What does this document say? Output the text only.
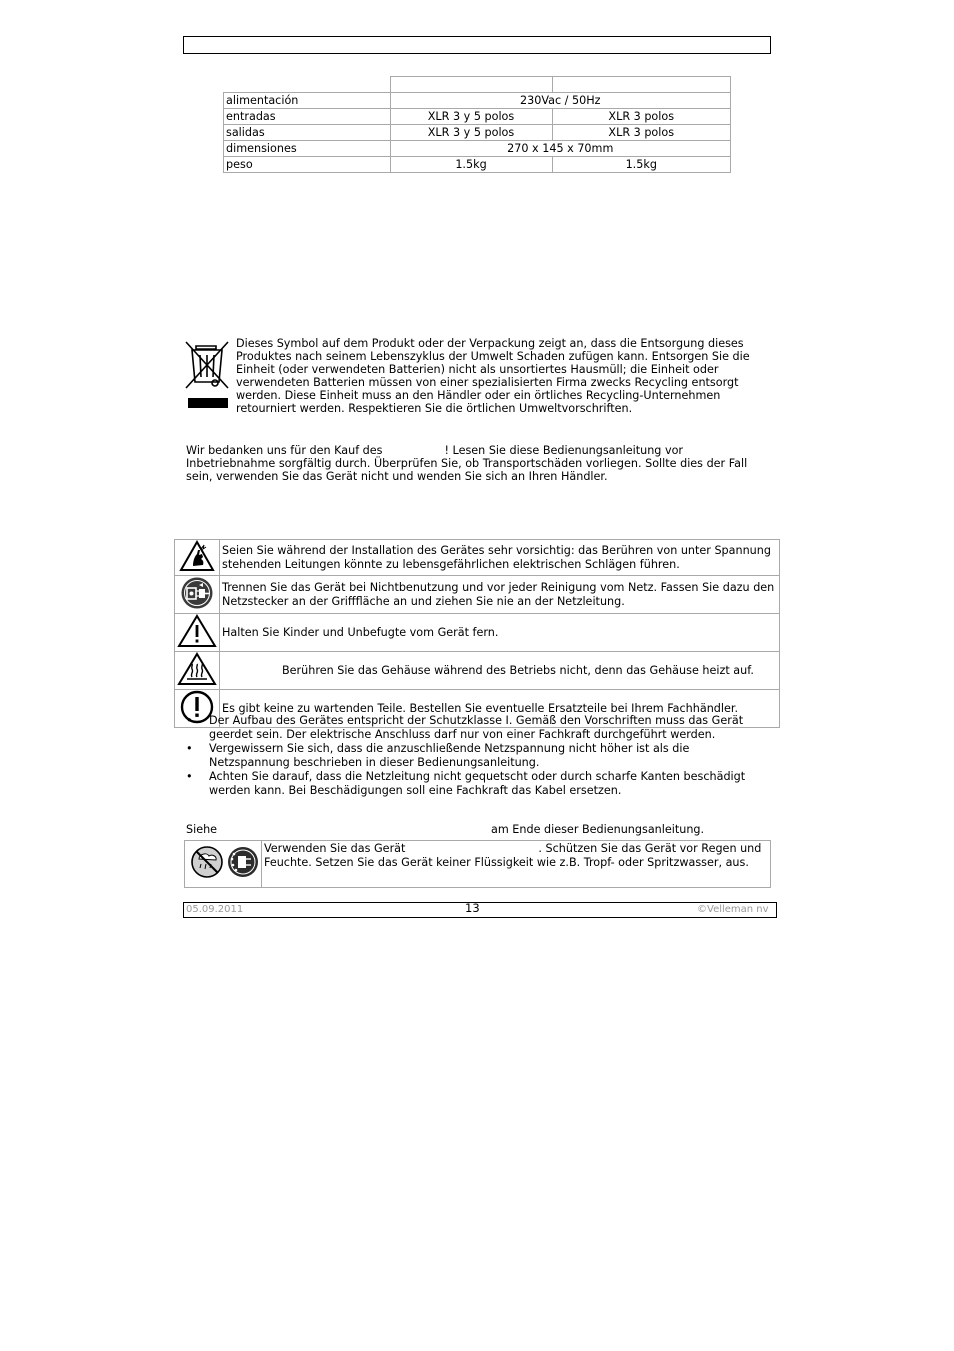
alimentación	230Vac / 50Hz	
entradas	XLR 3 y 5 polos	XLR 3 polos
salidas	XLR 3 y 5 polos	XLR 3 polos
dimensiones	270 x 145 x 70mm	
peso	1.5kg	1.5kg
Dieses Symbol auf dem Produkt oder der Verpackung zeigt an, dass die Entsorgung dieses Produktes nach seinem Lebenszyklus der Umwelt Schaden zufügen kann. Entsorgen Sie die Einheit (oder verwendeten Batterien) nicht als unsortiertes Hausmüll; die Einheit oder verwendeten Batterien müssen von einer spezialisierten Firma zwecks Recycling entsorgt werden. Diese Einheit muss an den Händler oder ein örtliches Recycling-Unternehmen retourniert werden. Respektieren Sie die örtlichen Umweltvorschriften.
Wir bedanken uns für den Kauf des	! Lesen Sie diese Bedienungsanleitung vor Inbetriebnahme sorgfältig durch. Überprüfen Sie, ob Transportschäden vorliegen. Sollte dies der Fall sein, verwenden Sie das Gerät nicht und wenden Sie sich an Ihren Händler.
	Seien Sie während der Installation des Gerätes sehr vorsichtig: das Berühren von unter Spannung stehenden Leitungen könnte zu lebensgefährlichen elektrischen Schlägen führen.
	Trennen Sie das Gerät bei Nichtbenutzung und vor jeder Reinigung vom Netz. Fassen Sie dazu den Netzstecker an der Grifffläche an und ziehen Sie nie an der Netzleitung.
	Halten Sie Kinder und Unbefugte vom Gerät fern.
	Berühren Sie das Gehäuse während des Betriebs nicht, denn das Gehäuse heizt auf.
	Es gibt keine zu wartenden Teile. Bestellen Sie eventuelle Ersatzteile bei Ihrem Fachhändler.
• Der Aufbau des Gerätes entspricht der Schutzklasse I. Gemäß den Vorschriften muss das Gerät geerdet sein. Der elektrische Anschluss darf nur von einer Fachkraft durchgeführt werden.
• Vergewissern Sie sich, dass die anzuschließende Netzspannung nicht höher ist als die Netzspannung beschrieben in dieser Bedienungsanleitung.
• Achten Sie darauf, dass die Netzleitung nicht gequetscht oder durch scharfe Kanten beschädigt werden kann. Bei Beschädigungen soll eine Fachkraft das Kabel ersetzen.
Siehe	am Ende dieser Bedienungsanleitung.
	Verwenden Sie das Gerät	. Schützen Sie das Gerät vor Regen und Feuchte. Setzen Sie das Gerät keiner Flüssigkeit wie z.B. Tropf- oder Spritzwasser, aus.
05.09.2011	13	©Velleman nv
